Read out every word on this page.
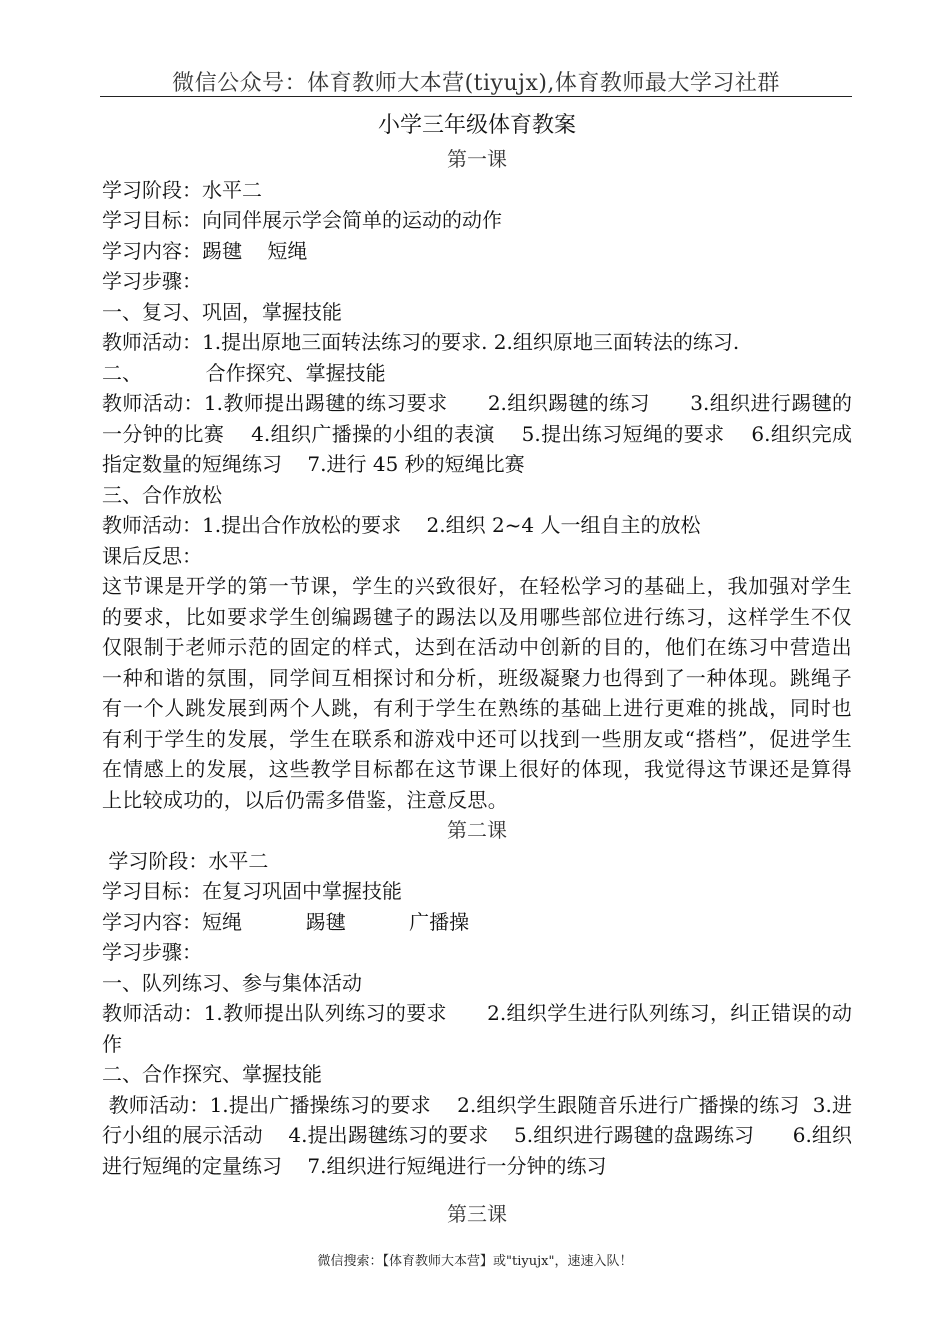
微信公众号：体育教师大本营(tiyujx),体育教师最大学习社群
小学三年级体育教案
第一课
学习阶段：水平二
学习目标：向同伴展示学会简单的运动的动作
学习内容：踢毽    短绳
学习步骤：
一、复习、巩固，掌握技能
教师活动：1.提出原地三面转法练习的要求. 2.组织原地三面转法的练习.
二、          合作探究、掌握技能
教师活动：1.教师提出踢毽的练习要求      2.组织踢毽的练习      3.组织进行踢毽的一分钟的比赛    4.组织广播操的小组的表演    5.提出练习短绳的要求    6.组织完成指定数量的短绳练习    7.进行 45 秒的短绳比赛
三、合作放松
教师活动：1.提出合作放松的要求    2.组织 2~4 人一组自主的放松
课后反思：
这节课是开学的第一节课，学生的兴致很好，在轻松学习的基础上，我加强对学生的要求，比如要求学生创编踢毽子的踢法以及用哪些部位进行练习，这样学生不仅仅限制于老师示范的固定的样式，达到在活动中创新的目的，他们在练习中营造出一种和谐的氛围，同学间互相探讨和分析，班级凝聚力也得到了一种体现。跳绳子有一个人跳发展到两个人跳，有利于学生在熟练的基础上进行更难的挑战，同时也有利于学生的发展，学生在联系和游戏中还可以找到一些朋友或“搭档”，促进学生在情感上的发展，这些教学目标都在这节课上很好的体现，我觉得这节课还是算得上比较成功的，以后仍需多借鉴，注意反思。
第二课
学习阶段：水平二
学习目标：在复习巩固中掌握技能
学习内容：短绳          踢毽          广播操
学习步骤：
一、队列练习、参与集体活动
教师活动：1.教师提出队列练习的要求      2.组织学生进行队列练习，纠正错误的动作
二、合作探究、掌握技能
教师活动：1.提出广播操练习的要求    2.组织学生跟随音乐进行广播操的练习  3.进行小组的展示活动    4.提出踢毽练习的要求    5.组织进行踢毽的盘踢练习      6.组织进行短绳的定量练习    7.组织进行短绳进行一分钟的练习
第三课
微信搜索：【体育教师大本营】或"tiyujx"，速速入队！
